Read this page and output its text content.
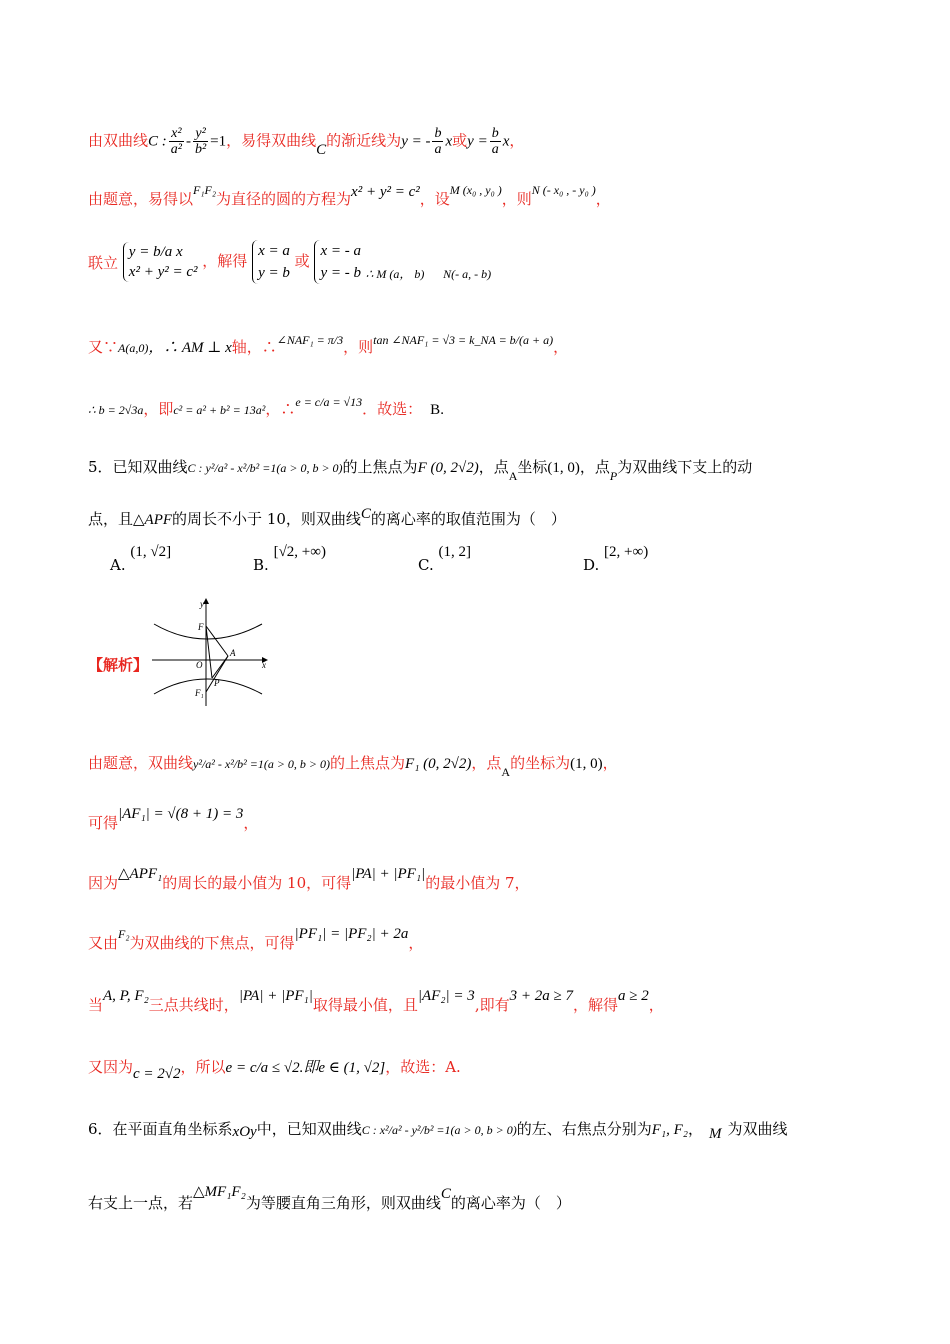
由双曲线C : $\frac{\text{x²}}{\text{a²}} - \frac{\text{y²}}{\text{b²}} =1$，易得双曲线C的渐近线为y = - $\frac{b}{a}$ x或$y = \frac{b}{a}$ x，
由题意，易得以$^{F_1F_2}$为直径的圆的方程为x² + y² = c²，设$^{M (x_0 , y_0 )}$，则$^{N (- x_0 , - y_0 )}$，
联立 y = b/a x
x² + y² = c² ，解得 x = a
y = b 或 x = - a
y = - b $_{\therefore M (a, b)}$ $_{N(- a, - b)}$
又∵A(a,0)，∴ AM ⊥ x轴，∴$^{\angle NAF_1 = \pi/3}$，则$^{tan \angle NAF_1 = √3 = k\_NA = b/(a + a)}$，
∴ b = 2√3a，即c² = a² + b² = 13a²，∴$^{e = c/a = √13}$．故选： B.
5．已知双曲线C : y²/a² - x²/b² =1(a > 0, b > 0)的上焦点为F (0, 2√2)，点$_A$坐标(1, 0)，点$_P$为双曲线下支上的动
点，且△APF的周长不小于 10，则双曲线C的离心率的取值范围为（　）
A. (1, √2]
B. [√2, +∞)
C. (1, 2]
D. [2, +∞)
【解析】
y
x
F
O
A
F₁
P
由题意，双曲线y²/a² - x²/b² =1(a > 0, b > 0)的上焦点为F₁ (0, 2√2)，点$_A$的坐标为(1, 0)，
可得|AF₁| = √(8 + 1) = 3，
因为△APF₁的周长的最小值为 10，可得|PA| + |PF₁|的最小值为 7，
又由$^{F_2}$为双曲线的下焦点，可得|PF₁| = |PF₂| + 2a，
当A, P, F₂三点共线时，|PA| + |PF₁|取得最小值，且|AF₂| = 3,即有3 + 2a ≥ 7，解得a ≥ 2，
又因为c = 2√2，所以e = c/a ≤ √2.即e ∈ (1, √2]，故选：A.
6．在平面直角坐标系xOy中，已知双曲线C : x²/a² - y²/b² =1(a > 0, b > 0)的左、右焦点分别为F₁, F₂， M 为双曲线
右支上一点，若△MF₁F₂为等腰直角三角形，则双曲线C的离心率为（　）
